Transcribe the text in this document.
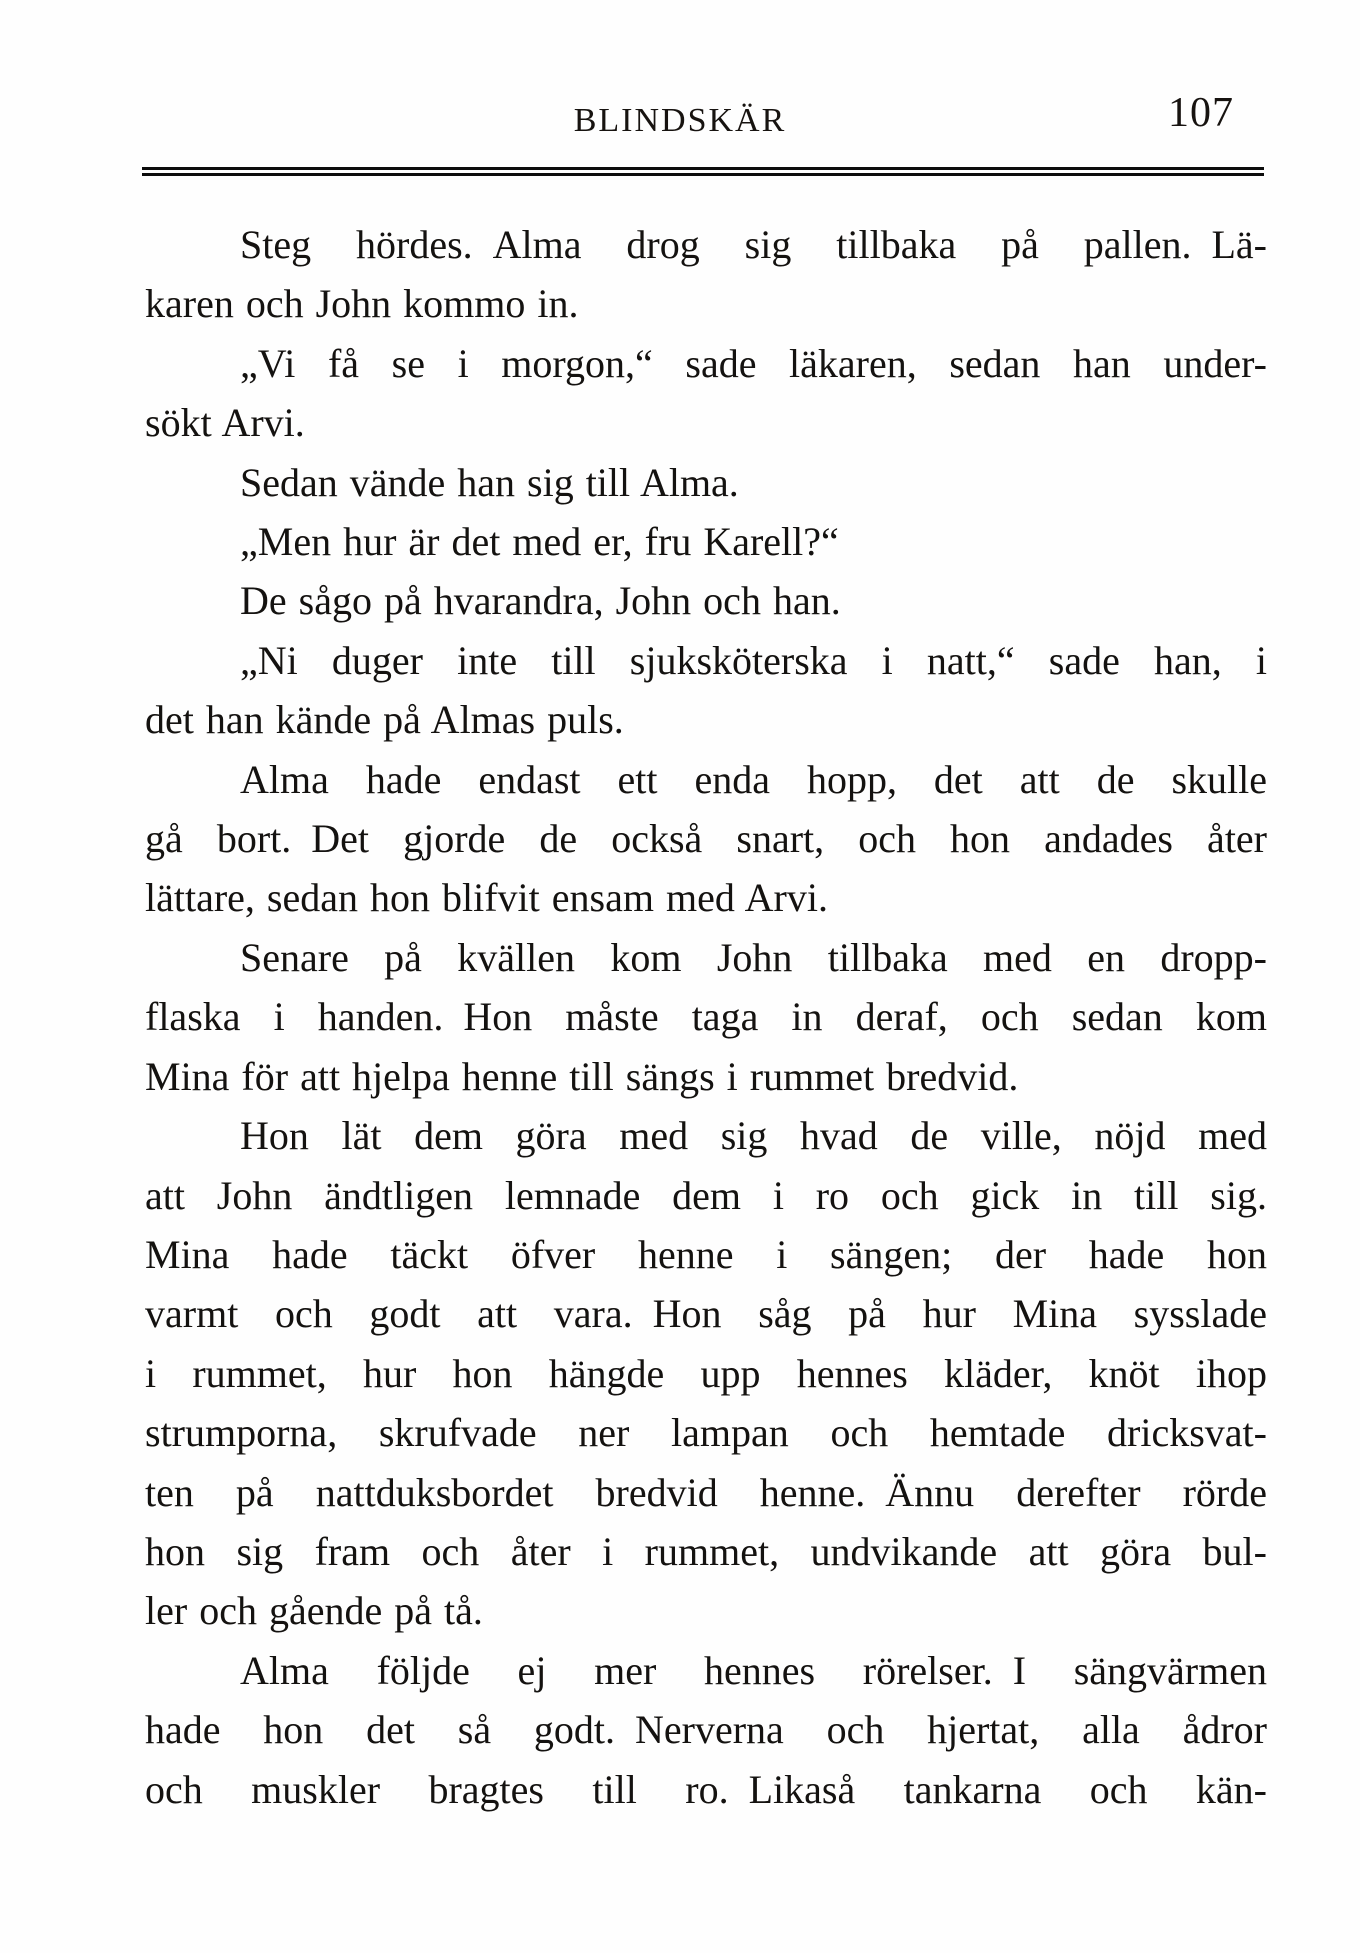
BLINDSKÄR	107
Steg hördes. Alma drog sig tillbaka på pallen. Lä-
karen och John kommo in.
„Vi få se i morgon,“ sade läkaren, sedan han under-
sökt Arvi.
Sedan vände han sig till Alma.
„Men hur är det med er, fru Karell?“
De sågo på hvarandra, John och han.
„Ni duger inte till sjuksköterska i natt,“ sade han, i
det han kände på Almas puls.
Alma hade endast ett enda hopp, det att de skulle
gå bort. Det gjorde de också snart, och hon andades åter
lättare, sedan hon blifvit ensam med Arvi.
Senare på kvällen kom John tillbaka med en dropp-
flaska i handen. Hon måste taga in deraf, och sedan kom
Mina för att hjelpa henne till sängs i rummet bredvid.
Hon lät dem göra med sig hvad de ville, nöjd med
att John ändtligen lemnade dem i ro och gick in till sig.
Mina hade täckt öfver henne i sängen; der hade hon
varmt och godt att vara. Hon såg på hur Mina sysslade
i rummet, hur hon hängde upp hennes kläder, knöt ihop
strumporna, skrufvade ner lampan och hemtade dricksvat-
ten på nattduksbordet bredvid henne. Ännu derefter rörde
hon sig fram och åter i rummet, undvikande att göra bul-
ler och gående på tå.
Alma följde ej mer hennes rörelser. I sängvärmen
hade hon det så godt. Nerverna och hjertat, alla ådror
och muskler bragtes till ro. Likaså tankarna och kän-
